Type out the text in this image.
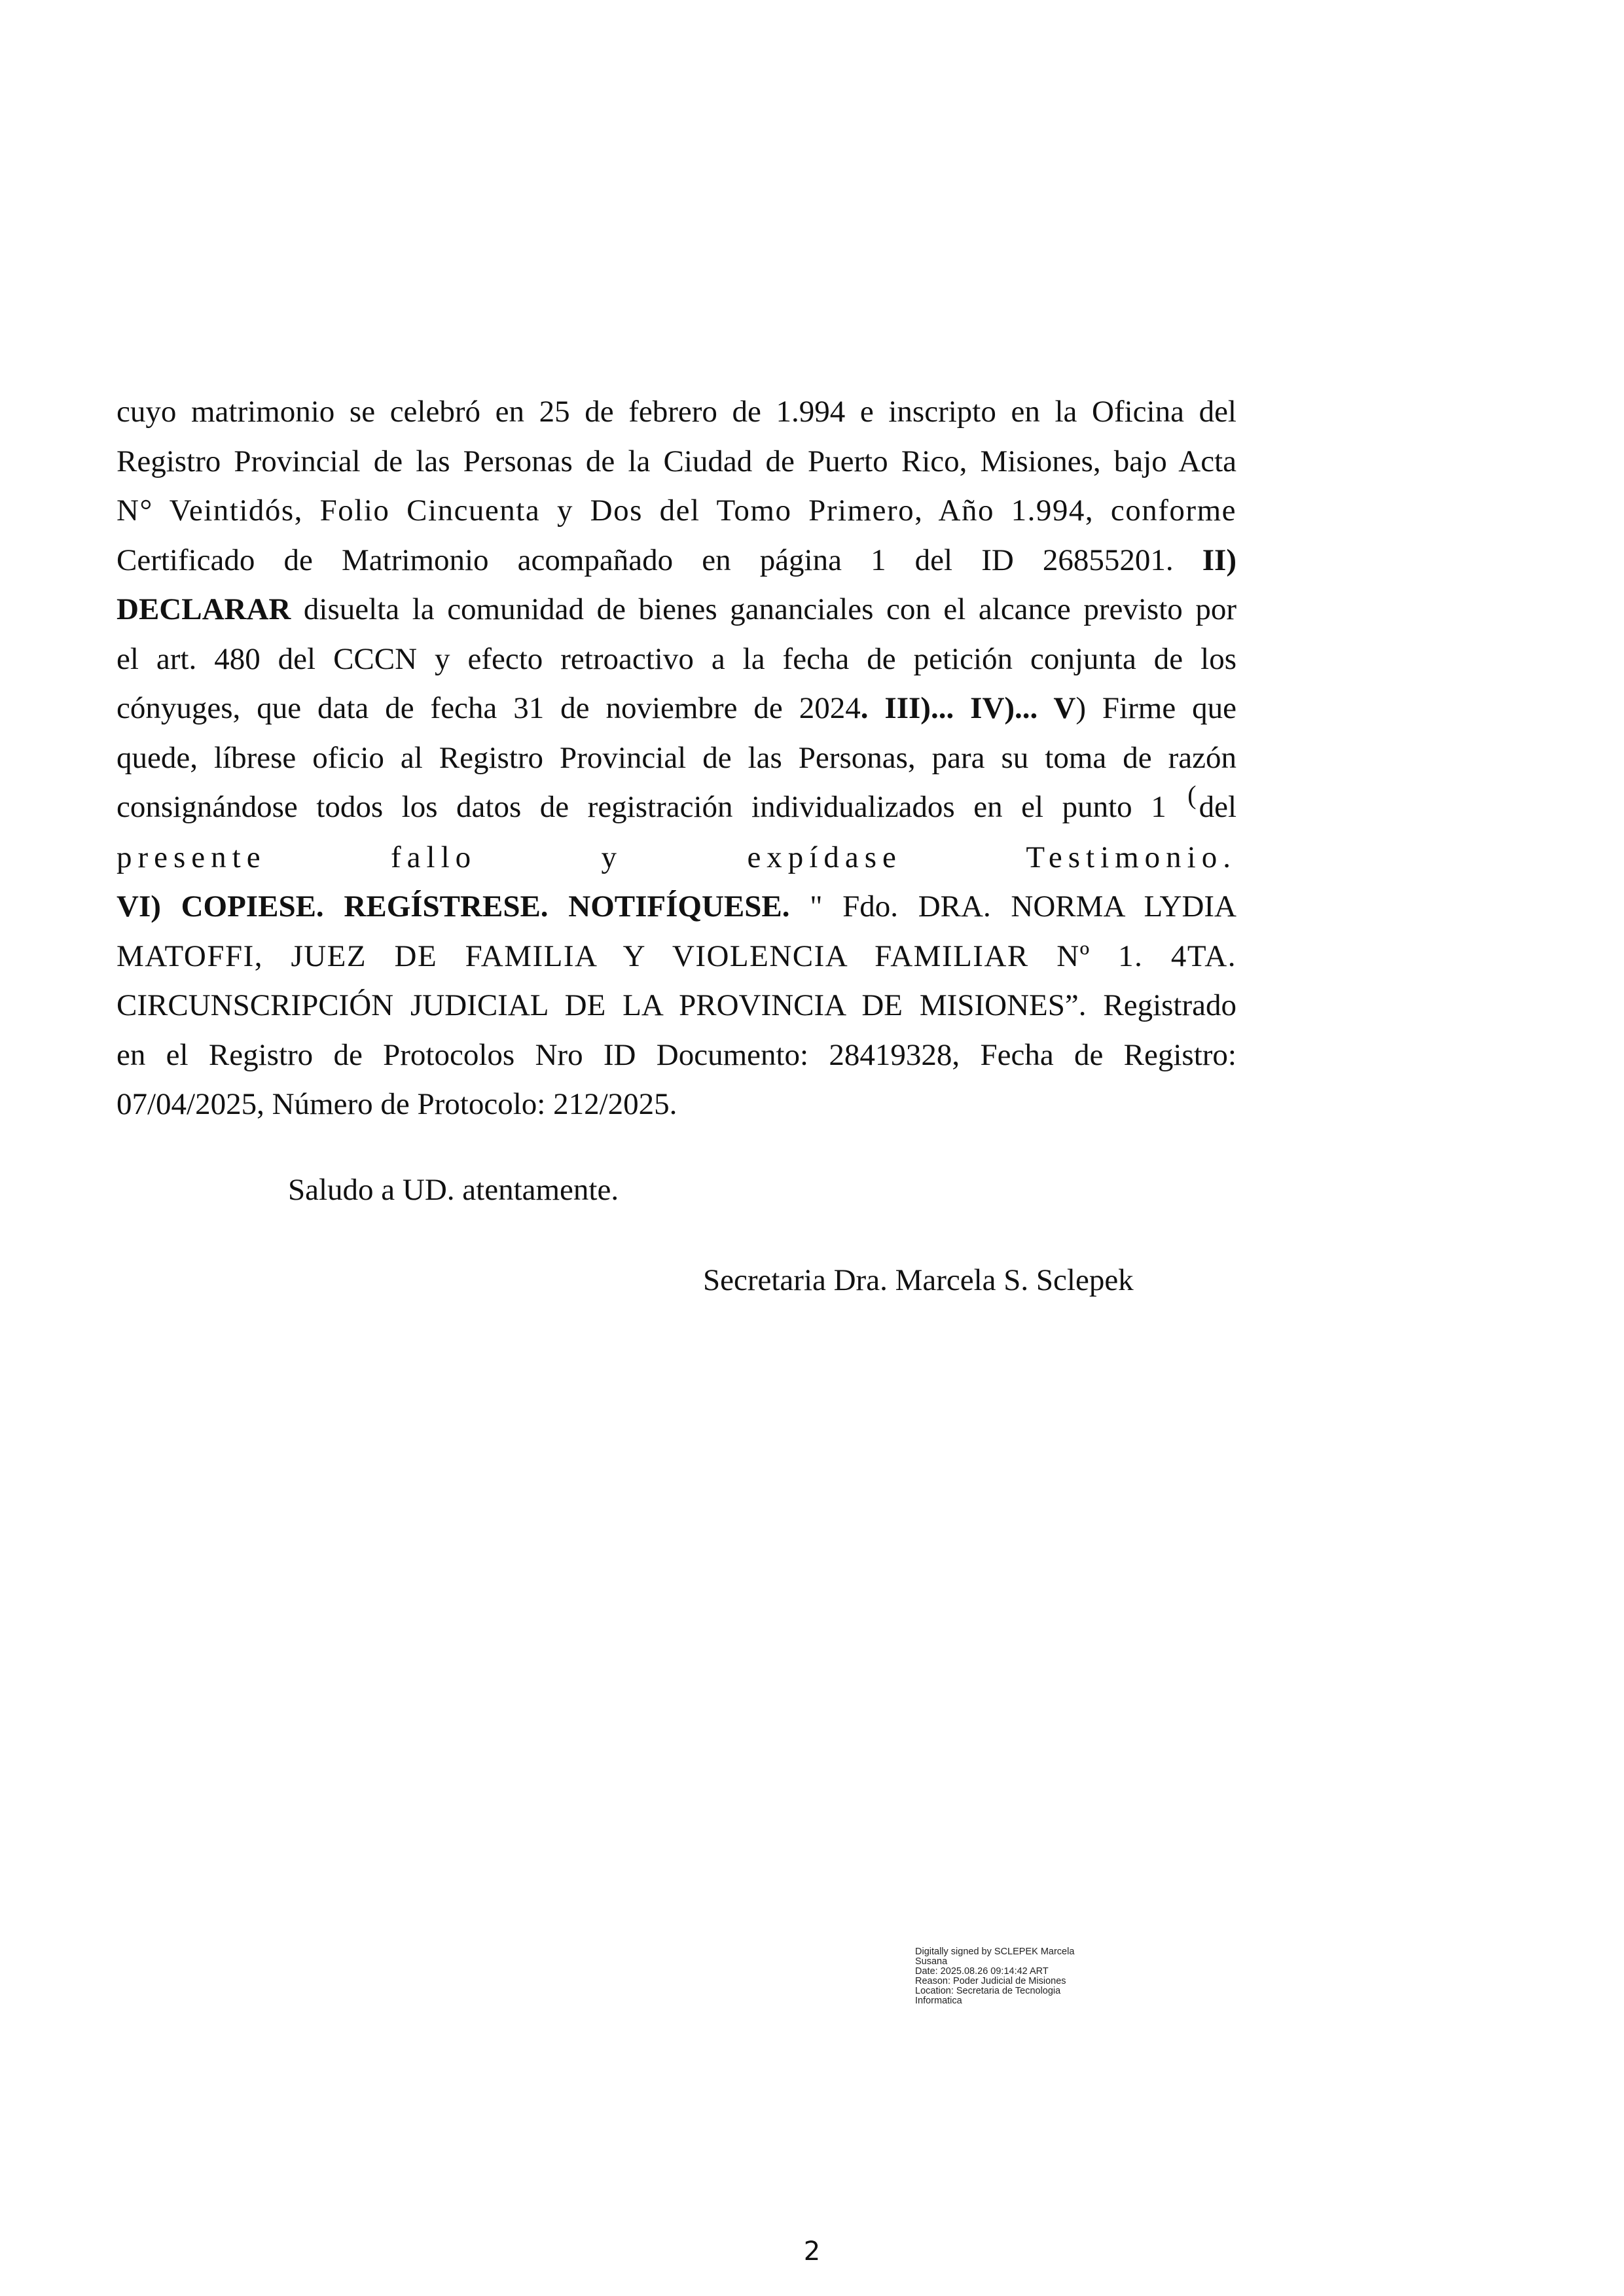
cuyo matrimonio se celebró en 25 de febrero de 1.994 e inscripto en la Oficina del
Registro Provincial de las Personas de la Ciudad de Puerto Rico, Misiones, bajo Acta
N° Veintidós, Folio Cincuenta y Dos del Tomo Primero, Año 1.994, conforme
Certificado de Matrimonio acompañado en página 1 del ID 26855201. II)
DECLARAR disuelta la comunidad de bienes gananciales con el alcance previsto por
el art. 480 del CCCN y efecto retroactivo a la fecha de petición conjunta de los
cónyuges, que data de fecha 31 de noviembre de 2024. III)... IV)... V) Firme que
quede, líbrese oficio al Registro Provincial de las Personas, para su toma de razón
consignándose todos los datos de registración individualizados en el punto 1 (del
presente fallo y expídase Testimonio.
VI) COPIESE. REGÍSTRESE. NOTIFÍQUESE. " Fdo. DRA. NORMA LYDIA
MATOFFI, JUEZ DE FAMILIA Y VIOLENCIA FAMILIAR Nº 1. 4TA.
CIRCUNSCRIPCIÓN JUDICIAL DE LA PROVINCIA DE MISIONES”. Registrado
en el Registro de Protocolos Nro ID Documento: 28419328, Fecha de Registro:
07/04/2025, Número de Protocolo: 212/2025.
Saludo a UD. atentamente.
Secretaria Dra. Marcela S. Sclepek
Digitally signed by SCLEPEK Marcela
Susana
Date: 2025.08.26 09:14:42 ART
Reason: Poder Judicial de Misiones
Location: Secretaria de Tecnologia
Informatica
2
